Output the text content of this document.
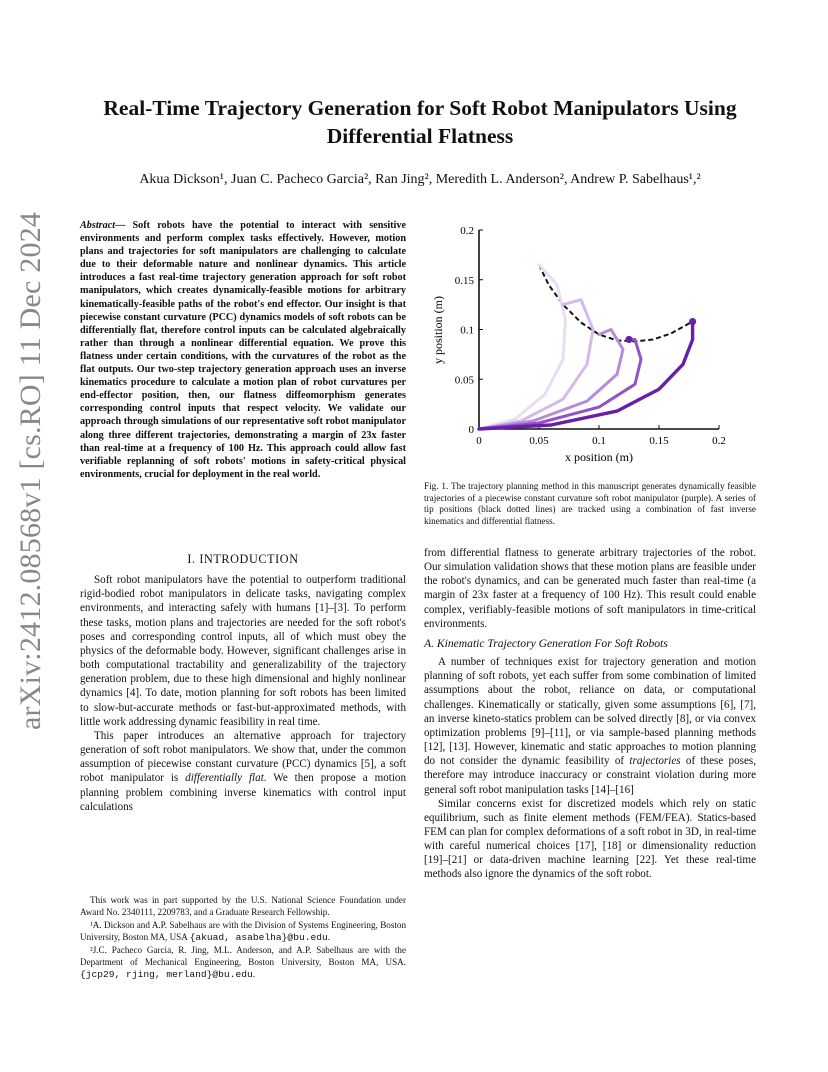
arXiv:2412.08568v1 [cs.RO] 11 Dec 2024
Real-Time Trajectory Generation for Soft Robot Manipulators Using Differential Flatness
Akua Dickson¹, Juan C. Pacheco Garcia², Ran Jing², Meredith L. Anderson², Andrew P. Sabelhaus¹,²
Abstract— Soft robots have the potential to interact with sensitive environments and perform complex tasks effectively. However, motion plans and trajectories for soft manipulators are challenging to calculate due to their deformable nature and nonlinear dynamics. This article introduces a fast real-time trajectory generation approach for soft robot manipulators, which creates dynamically-feasible motions for arbitrary kinematically-feasible paths of the robot's end effector. Our insight is that piecewise constant curvature (PCC) dynamics models of soft robots can be differentially flat, therefore control inputs can be calculated algebraically rather than through a nonlinear differential equation. We prove this flatness under certain conditions, with the curvatures of the robot as the flat outputs. Our two-step trajectory generation approach uses an inverse kinematics procedure to calculate a motion plan of robot curvatures per end-effector position, then, our flatness diffeomorphism generates corresponding control inputs that respect velocity. We validate our approach through simulations of our representative soft robot manipulator along three different trajectories, demonstrating a margin of 23x faster than real-time at a frequency of 100 Hz. This approach could allow fast verifiable replanning of soft robots' motions in safety-critical physical environments, crucial for deployment in the real world.
I. INTRODUCTION

Soft robot manipulators have the potential to outperform traditional rigid-bodied robot manipulators in delicate tasks, navigating complex environments, and interacting safely with humans [1]–[3]. To perform these tasks, motion plans and trajectories are needed for the soft robot's poses and corresponding control inputs, all of which must obey the physics of the deformable body. However, significant challenges arise in both computational tractability and generalizability of the trajectory generation problem, due to these high dimensional and highly nonlinear dynamics [4]. To date, motion planning for soft robots has been limited to slow-but-accurate methods or fast-but-approximated methods, with little work addressing dynamic feasibility in real time.

This paper introduces an alternative approach for trajectory generation of soft robot manipulators. We show that, under the common assumption of piecewise constant curvature (PCC) dynamics [5], a soft robot manipulator is differentially flat. We then propose a motion planning problem combining inverse kinematics with control input calculations

This work was in part supported by the U.S. National Science Foundation under Award No. 2340111, 2209783, and a Graduate Research Fellowship.

¹A. Dickson and A.P. Sabelhaus are with the Division of Systems Engineering, Boston University, Boston MA, USA {akuad, asabelha}@bu.edu.

²J.C. Pacheco Garcia, R. Jing, M.L. Anderson, and A.P. Sabelhaus are with the Department of Mechanical Engineering, Boston University, Boston MA, USA. {jcp29, rjing, merland}@bu.edu.

0	0.05	0.1	0.15	0.2
0
0.05
0.1
0.15
0.2
x position (m)
y position (m)
Fig. 1. The trajectory planning method in this manuscript generates dynamically feasible trajectories of a piecewise constant curvature soft robot manipulator (purple). A series of tip positions (black dotted lines) are tracked using a combination of fast inverse kinematics and differential flatness.

from differential flatness to generate arbitrary trajectories of the robot. Our simulation validation shows that these motion plans are feasible under the robot's dynamics, and can be generated much faster than real-time (a margin of 23x faster at a frequency of 100 Hz). This result could enable complex, verifiably-feasible motions of soft manipulators in time-critical environments.

A. Kinematic Trajectory Generation For Soft Robots

A number of techniques exist for trajectory generation and motion planning of soft robots, yet each suffer from some combination of limited assumptions about the robot, reliance on data, or computational challenges. Kinematically or statically, given some assumptions [6], [7], an inverse kineto-statics problem can be solved directly [8], or via convex optimization problems [9]–[11], or via sample-based planning methods [12], [13]. However, kinematic and static approaches to motion planning do not consider the dynamic feasibility of trajectories of these poses, therefore may introduce inaccuracy or constraint violation during more general soft robot manipulation tasks [14]–[16]

Similar concerns exist for discretized models which rely on static equilibrium, such as finite element methods (FEM/FEA). Statics-based FEM can plan for complex deformations of a soft robot in 3D, in real-time with careful numerical choices [17], [18] or dimensionality reduction [19]–[21] or data-driven machine learning [22]. Yet these real-time methods also ignore the dynamics of the soft robot.
